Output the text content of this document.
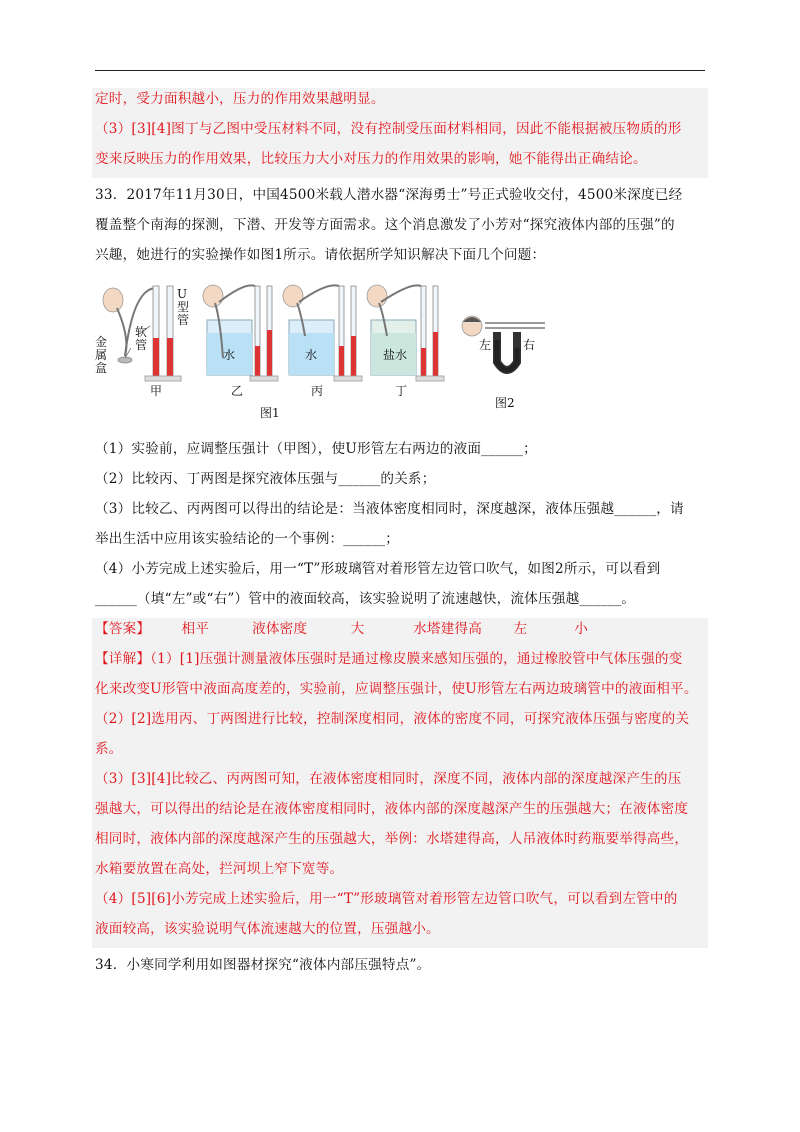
定时，受力面积越小，压力的作用效果越明显。
（3）[3][4]图丁与乙图中受压材料不同，没有控制受压面材料相同，因此不能根据被压物质的形
变来反映压力的作用效果，比较压力大小对压力的作用效果的影响，她不能得出正确结论。
33．2017年11月30日，中国4500米载人潜水器“深海勇士”号正式验收交付，4500米深度已经
覆盖整个南海的探测，下潜、开发等方面需求。这个消息激发了小芳对“探究液体内部的压强”的
兴趣，她进行的实验操作如图1所示。请依据所学知识解决下面几个问题：
金属盒
软管
U型管
甲
水
乙
水
丙
盐水
丁
左	右
图1
图2
（1）实验前，应调整压强计（甲图），使U形管左右两边的液面______；
（2）比较丙、丁两图是探究液体压强与______的关系；
（3）比较乙、丙两图可以得出的结论是：当液体密度相同时，深度越深，液体压强越______，请
举出生活中应用该实验结论的一个事例：______；
（4）小芳完成上述实验后，用一“T”形玻璃管对着形管左边管口吹气，如图2所示，可以看到
______（填“左”或“右”）管中的液面较高，该实验说明了流速越快，流体压强越______。
【答案】 相平	液体密度	大	水塔建得高 左	小
【详解】（1）[1]压强计测量液体压强时是通过橡皮膜来感知压强的，通过橡胶管中气体压强的变
化来改变U形管中液面高度差的，实验前，应调整压强计，使U形管左右两边玻璃管中的液面相平。
（2）[2]选用丙、丁两图进行比较，控制深度相同，液体的密度不同，可探究液体压强与密度的关
系。
（3）[3][4]比较乙、丙两图可知，在液体密度相同时，深度不同，液体内部的深度越深产生的压
强越大，可以得出的结论是在液体密度相同时，液体内部的深度越深产生的压强越大；在液体密度
相同时，液体内部的深度越深产生的压强越大，举例：水塔建得高，人吊液体时药瓶要举得高些，
水箱要放置在高处，拦河坝上窄下宽等。
（4）[5][6]小芳完成上述实验后，用一“T”形玻璃管对着形管左边管口吹气，可以看到左管中的
液面较高，该实验说明气体流速越大的位置，压强越小。
34．小寒同学利用如图器材探究“液体内部压强特点”。
